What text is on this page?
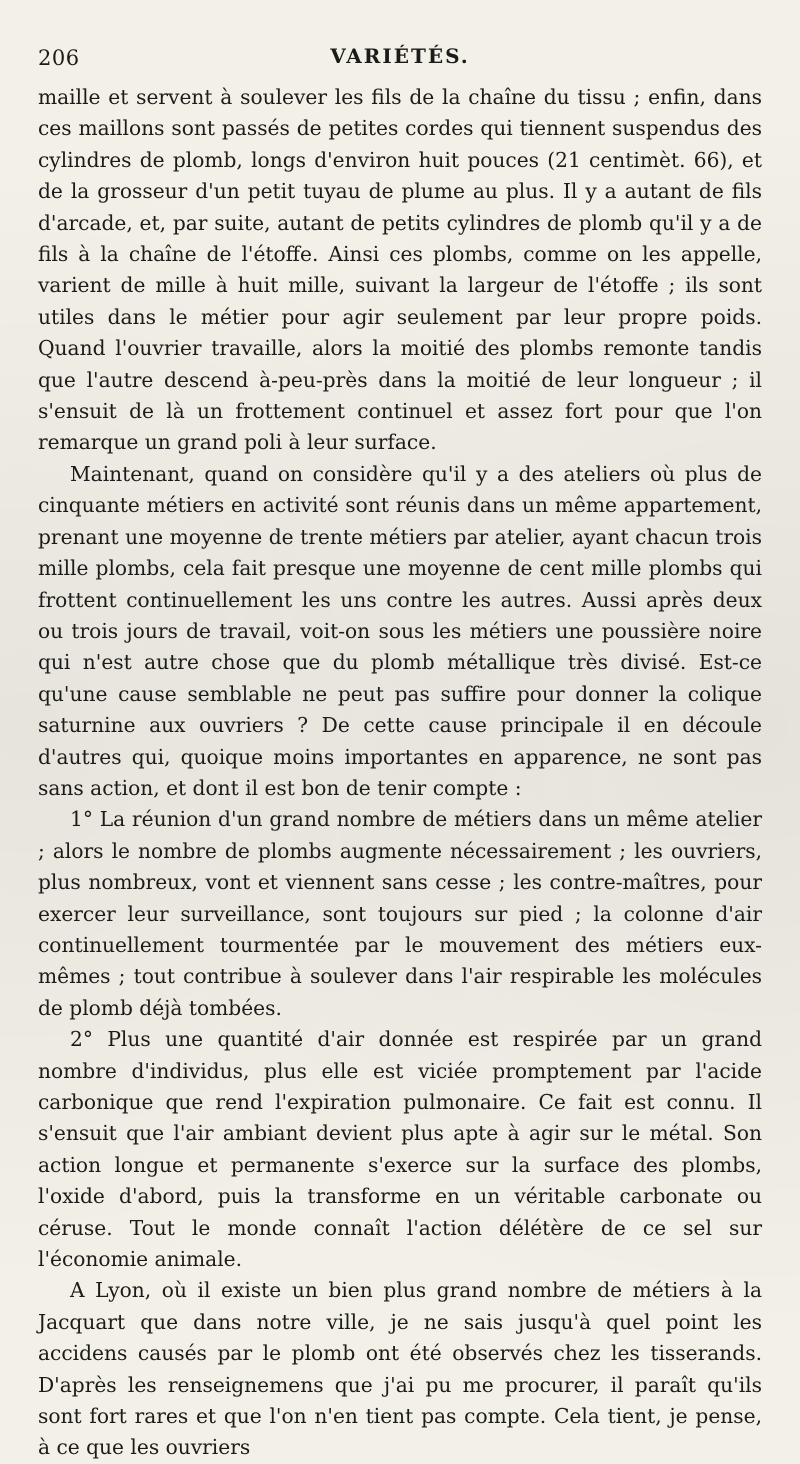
206	VARIÉTÉS.

maille et servent à soulever les fils de la chaîne du tissu ; enfin, dans ces maillons sont passés de petites cordes qui tiennent suspendus des cylindres de plomb, longs d'environ huit pouces (21 centimèt. 66), et de la grosseur d'un petit tuyau de plume au plus. Il y a autant de fils d'arcade, et, par suite, autant de petits cylindres de plomb qu'il y a de fils à la chaîne de l'étoffe. Ainsi ces plombs, comme on les appelle, varient de mille à huit mille, suivant la largeur de l'étoffe ; ils sont utiles dans le métier pour agir seulement par leur propre poids. Quand l'ouvrier travaille, alors la moitié des plombs remonte tandis que l'autre descend à-peu-près dans la moitié de leur longueur ; il s'ensuit de là un frottement continuel et assez fort pour que l'on remarque un grand poli à leur surface.

Maintenant, quand on considère qu'il y a des ateliers où plus de cinquante métiers en activité sont réunis dans un même appartement, prenant une moyenne de trente métiers par atelier, ayant chacun trois mille plombs, cela fait presque une moyenne de cent mille plombs qui frottent continuellement les uns contre les autres. Aussi après deux ou trois jours de travail, voit-on sous les métiers une poussière noire qui n'est autre chose que du plomb métallique très divisé. Est-ce qu'une cause semblable ne peut pas suffire pour donner la colique saturnine aux ouvriers ? De cette cause principale il en découle d'autres qui, quoique moins importantes en apparence, ne sont pas sans action, et dont il est bon de tenir compte :

1° La réunion d'un grand nombre de métiers dans un même atelier ; alors le nombre de plombs augmente nécessairement ; les ouvriers, plus nombreux, vont et viennent sans cesse ; les contre-maîtres, pour exercer leur surveillance, sont toujours sur pied ; la colonne d'air continuellement tourmentée par le mouvement des métiers eux-mêmes ; tout contribue à soulever dans l'air respirable les molécules de plomb déjà tombées.

2° Plus une quantité d'air donnée est respirée par un grand nombre d'individus, plus elle est viciée promptement par l'acide carbonique que rend l'expiration pulmonaire. Ce fait est connu. Il s'ensuit que l'air ambiant devient plus apte à agir sur le métal. Son action longue et permanente s'exerce sur la surface des plombs, l'oxide d'abord, puis la transforme en un véritable carbonate ou céruse. Tout le monde connaît l'action délétère de ce sel sur l'économie animale.

A Lyon, où il existe un bien plus grand nombre de métiers à la Jacquart que dans notre ville, je ne sais jusqu'à quel point les accidens causés par le plomb ont été observés chez les tisserands. D'après les renseignemens que j'ai pu me procurer, il paraît qu'ils sont fort rares et que l'on n'en tient pas compte. Cela tient, je pense, à ce que les ouvriers
